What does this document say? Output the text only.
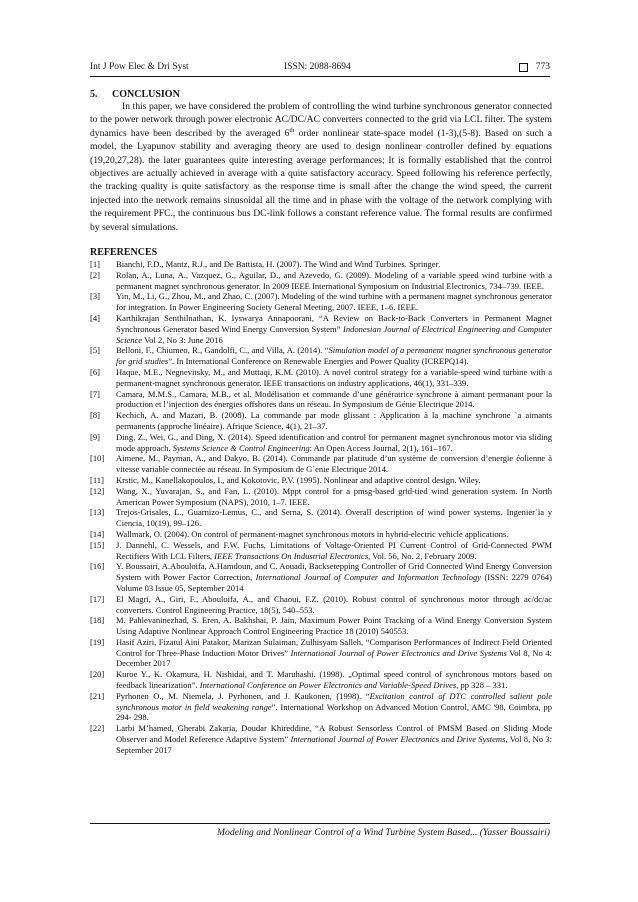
Int J Pow Elec & Dri Syst	ISSN: 2088-8694	773
5. CONCLUSION

In this paper, we have considered the problem of controlling the wind turbine synchronous generator connected to the power network through power electronic AC/DC/AC converters connected to the grid via LCL filter. The system dynamics have been described by the averaged 6th order nonlinear state-space model (1-3),(5-8). Based on such a model, the Lyapunov stability and averaging theory are used to design nonlinear controller defined by equations (19,20,27,28). the later guarantees quite interesting average performances; It is formally established that the control objectives are actually achieved in average with a quite satisfactory accuracy. Speed following his reference perfectly, the tracking quality is quite satisfactory as the response time is small after the change the wind speed, the current injected into the network remains sinusoidal all the time and in phase with the voltage of the network complying with the requirement PFC., the continuous bus DC-link follows a constant reference value. The formal results are confirmed by several simulations.

REFERENCES
[1] Bianchi, F.D., Mantz, R.J., and De Battista, H. (2007). The Wind and Wind Turbines. Springer.
[2] Rolan, A., Luna, A., Vazquez, G., Aguilar, D., and Azevedo, G. (2009). Modeling of a variable speed wind turbine with a permanent magnet synchronous generator. In 2009 IEEE International Symposium on Industrial Electronics, 734–739. IEEE.
[3] Yin, M., Li, G., Zhou, M., and Zhao, C. (2007). Modeling of the wind turbine with a permanent magnet synchronous generator for integration. In Power Engineering Society General Meeting, 2007. IEEE, 1–6. IEEE.
[4] Karthikrajan Senthilnathan, K. Iyswarya Annapoorani, “A Review on Back-to-Back Converters in Permanent Magnet Synchronous Generator based Wind Energy Conversion System” Indonesian Journal of Electrical Engineering and Computer Science Vol 2, No 3: June 2016
[5] Belloni, F., Chiumeo, R., Gandolfi, C., and Villa, A. (2014). “Simulation model of a permanent magnet synchronous generator for grid studies”. In International Conference on Renewable Energies and Power Quality (ICREPQ14).
[6] Haque, M.E., Negnevitsky, M., and Muttaqi, K.M. (2010). A novel control strategy for a variable-speed wind turbine with a permanent-magnet synchronous generator. IEEE transactions on industry applications, 46(1), 331–339.
[7] Camara, M.M.S., Camara, M.B., et al. Modélisation et commande d’une génératrice synchrone à aimant permanant pour la production et l’injection des énergies offshores dans un réseau. In Symposium de Génie Electrique 2014.
[8] Kechich, A. and Mazari, B. (2008). La commande par mode glissant : Application à la machine synchrone `a aimants permanents (approche linéaire). Afrique Science, 4(1), 21–37.
[9] Ding, Z., Wei, G., and Ding, X. (2014). Speed identification and control for permanent magnet synchronous motor via sliding mode approach. Systems Science & Control Engineering: An Open Access Journal, 2(1), 161–167.
[10] Aimene, M., Payman, A., and Dakyo, B. (2014). Commande par platitude d’un système de conversion d’energie éolienne à vitesse variable connectée au réseau. In Symposium de G´enie Electrique 2014.
[11] Krstic, M., Kanellakopoulos, I., and Kokotovic, P.V. (1995). Nonlinear and adaptive control design. Wiley.
[12] Wang, X., Yuvarajan, S., and Fan, L. (2010). Mppt control for a pmsg-based grid-tied wind generation system. In North American Power Symposium (NAPS), 2010, 1–7. IEEE.
[13] Trejos-Grisales, L., Guarnizo-Lemus, C., and Serna, S. (2014). Overall description of wind power systems. Ingenier´ia y Ciencia, 10(19), 99–126.
[14] Wallmark, O. (2004). On control of permanent-magnet synchronous motors in hybrid-electric vehicle applications.
[15] J. Dannehl, C. Wessels, and F.W. Fuchs, Limitations of Voltage-Oriented PI Current Control of Grid-Connected PWM Rectifiers With LCL Filters, IEEE Transactions On Industrial Electronics, Vol. 56, No. 2, February 2009.
[16] Y. Boussairi, A.Abouloifa, A.Hamdoun, and C. Aouadi, Backsetepping Controller of Grid Connected Wind Energy Conversion System with Power Factor Correction, International Journal of Computer and Information Technology (ISSN: 2279 0764) Volume 03 Issue 05, September 2014
[17] El Magri, A., Giri, F., Abouloifa, A., and Chaoui, F.Z. (2010). Robust control of synchronous motor through ac/dc/ac converters. Control Engineering Practice, 18(5), 540–553.
[18] M. Pahlevaninezhad, S. Eren, A. Bakhshai, P. Jain, Maximum Power Point Tracking of a Wind Energy Conversion System Using Adaptive Nonlinear Approach Control Engineering Practice 18 (2010) 540553.
[19] Hasif Aziri, Fizatul Aini Patakor, Marizan Sulaiman, Zulhisyam Salleh, “Comparison Performances of Indirect Field Oriented Control for Three-Phase Induction Motor Drives” International Journal of Power Electronics and Drive Systems Vol 8, No 4: December 2017
[20] Kuroe Y., K. Okamura, H. Nishidai, and T. Maruhashi. (1998). „Optimal speed control of synchronous motors based on feedback linearization”. International Conference on Power Electronics and Variable-Speed Drives, pp 328 – 331.
[21] Pyrhonen O., M. Niemela, J. Pyrhonen, and J. Kaukonen, (1998). “Excitation control of DTC controlled salient pole synchronous motor in field weakening range”. International Workshop on Advanced Motion Control, AMC '98, Coimbra, pp 294- 298.
[22] Larbi M’hamed, Gherabi Zakaria, Doudar Khireddine, “A Robust Sensorless Control of PMSM Based on Sliding Mode Observer and Model Reference Adaptive System” International Journal of Power Electronics and Drive Systems, Vol 8, No 3: September 2017
Modeling and Nonlinear Control of a Wind Turbine System Based... (Yasser Boussairi)
